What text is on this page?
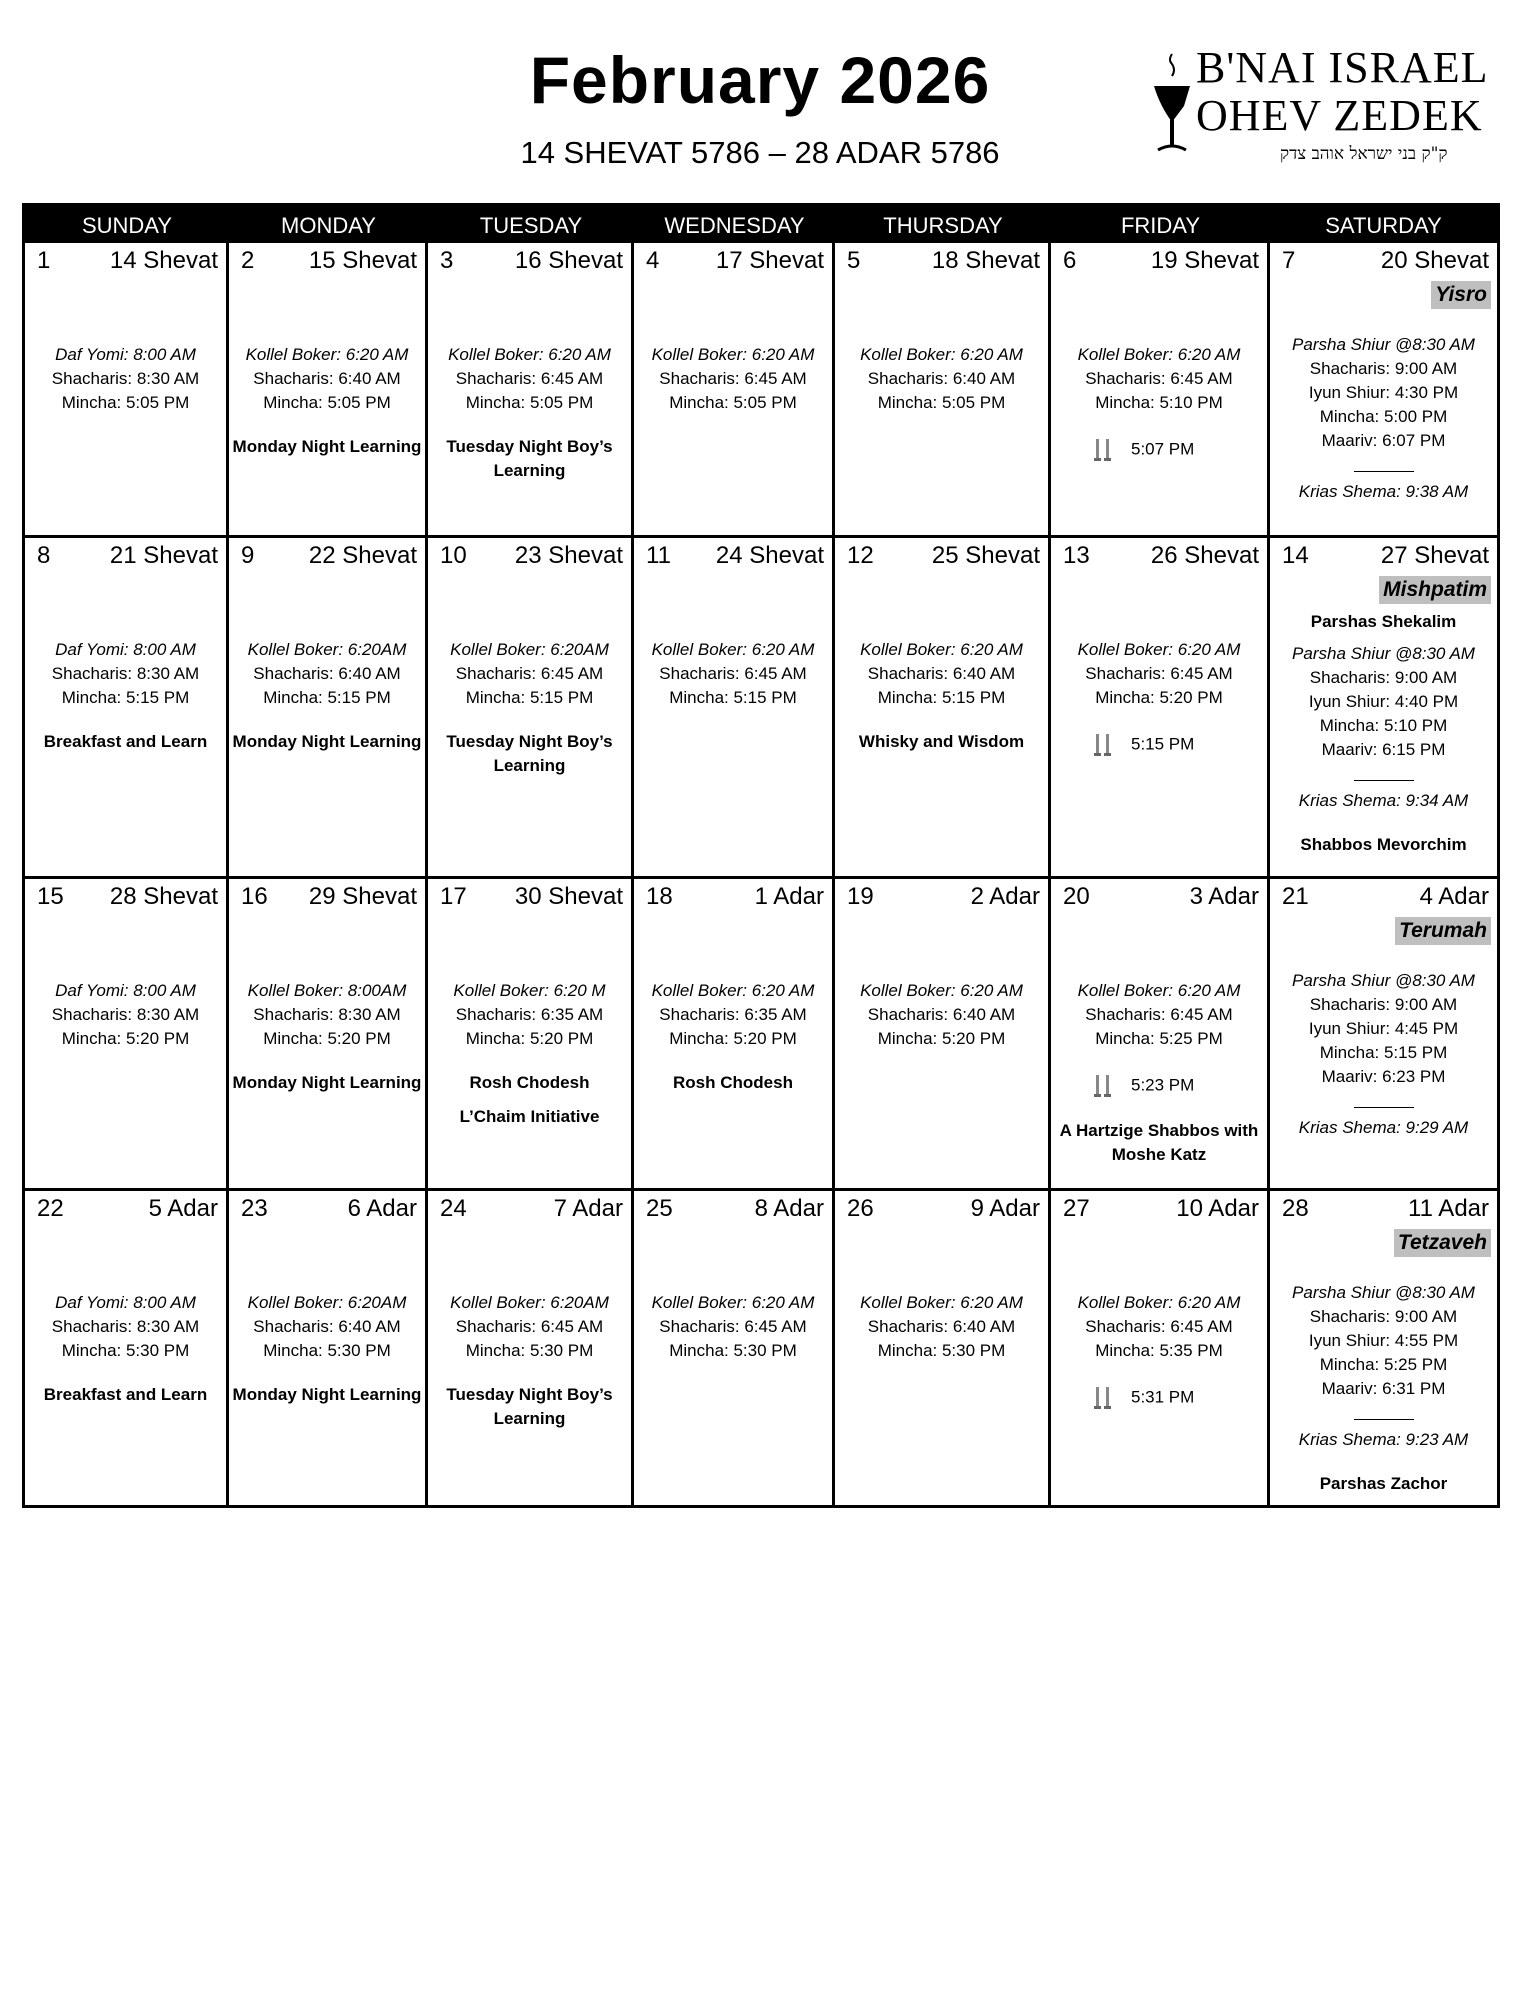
February 2026
14 SHEVAT 5786 – 28 ADAR 5786
B'NAI ISRAEL
OHEV ZEDEK
ק"ק בני ישראל אוהב צדק
SUNDAY	MONDAY	TUESDAY	WEDNESDAY	THURSDAY	FRIDAY	SATURDAY
1 14 Shevat
Daf Yomi: 8:00 AM
Shacharis: 8:30 AM
Mincha: 5:05 PM
2 15 Shevat
Kollel Boker: 6:20 AM
Shacharis: 6:40 AM
Mincha: 5:05 PM
Monday Night Learning
3	16 Shevat
Kollel Boker: 6:20 AM
Shacharis: 6:45 AM
Mincha: 5:05 PM
Tuesday Night Boy’s Learning
4 17 Shevat
Kollel Boker: 6:20 AM
Shacharis: 6:45 AM
Mincha: 5:05 PM
5	18 Shevat
Kollel Boker: 6:20 AM
Shacharis: 6:40 AM
Mincha: 5:05 PM
6	19 Shevat
Kollel Boker: 6:20 AM
Shacharis: 6:45 AM
Mincha: 5:10 PM
5:07 PM
7	20 Shevat
Yisro
Parsha Shiur @8:30 AM
Shacharis: 9:00 AM
Iyun Shiur: 4:30 PM
Mincha: 5:00 PM
Maariv: 6:07 PM
Krias Shema: 9:38 AM
8 21 Shevat
Daf Yomi: 8:00 AM
Shacharis: 8:30 AM
Mincha: 5:15 PM
Breakfast and Learn
9 22 Shevat
Kollel Boker: 6:20AM
Shacharis: 6:40 AM
Mincha: 5:15 PM
Monday Night Learning
10 23 Shevat
Kollel Boker: 6:20AM
Shacharis: 6:45 AM
Mincha: 5:15 PM
Tuesday Night Boy’s Learning
11 24 Shevat
Kollel Boker: 6:20 AM
Shacharis: 6:45 AM
Mincha: 5:15 PM
12 25 Shevat
Kollel Boker: 6:20 AM
Shacharis: 6:40 AM
Mincha: 5:15 PM
Whisky and Wisdom
13	26 Shevat
Kollel Boker: 6:20 AM
Shacharis: 6:45 AM
Mincha: 5:20 PM
5:15 PM
14	27 Shevat
Mishpatim
Parshas Shekalim
Parsha Shiur @8:30 AM
Shacharis: 9:00 AM
Iyun Shiur: 4:40 PM
Mincha: 5:10 PM
Maariv: 6:15 PM
Krias Shema: 9:34 AM
Shabbos Mevorchim
15 28 Shevat
Daf Yomi: 8:00 AM
Shacharis: 8:30 AM
Mincha: 5:20 PM
16 29 Shevat
Kollel Boker: 8:00AM
Shacharis: 8:30 AM
Mincha: 5:20 PM
Monday Night Learning
17 30 Shevat
Kollel Boker: 6:20 M
Shacharis: 6:35 AM
Mincha: 5:20 PM
Rosh Chodesh
L’Chaim Initiative
18	1 Adar
Kollel Boker: 6:20 AM
Shacharis: 6:35 AM
Mincha: 5:20 PM
Rosh Chodesh
19	2 Adar
Kollel Boker: 6:20 AM
Shacharis: 6:40 AM
Mincha: 5:20 PM
20	3 Adar
Kollel Boker: 6:20 AM
Shacharis: 6:45 AM
Mincha: 5:25 PM
5:23 PM
A Hartzige Shabbos with Moshe Katz
21	4 Adar
Terumah
Parsha Shiur @8:30 AM
Shacharis: 9:00 AM
Iyun Shiur: 4:45 PM
Mincha: 5:15 PM
Maariv: 6:23 PM
Krias Shema: 9:29 AM
22	5 Adar
Daf Yomi: 8:00 AM
Shacharis: 8:30 AM
Mincha: 5:30 PM
Breakfast and Learn
23	6 Adar
Kollel Boker: 6:20AM
Shacharis: 6:40 AM
Mincha: 5:30 PM
Monday Night Learning
24	7 Adar
Kollel Boker: 6:20AM
Shacharis: 6:45 AM
Mincha: 5:30 PM
Tuesday Night Boy’s Learning
25	8 Adar
Kollel Boker: 6:20 AM
Shacharis: 6:45 AM
Mincha: 5:30 PM
26	9 Adar
Kollel Boker: 6:20 AM
Shacharis: 6:40 AM
Mincha: 5:30 PM
27	10 Adar
Kollel Boker: 6:20 AM
Shacharis: 6:45 AM
Mincha: 5:35 PM
5:31 PM
28	11 Adar
Tetzaveh
Parsha Shiur @8:30 AM
Shacharis: 9:00 AM
Iyun Shiur: 4:55 PM
Mincha: 5:25 PM
Maariv: 6:31 PM
Krias Shema: 9:23 AM
Parshas Zachor
